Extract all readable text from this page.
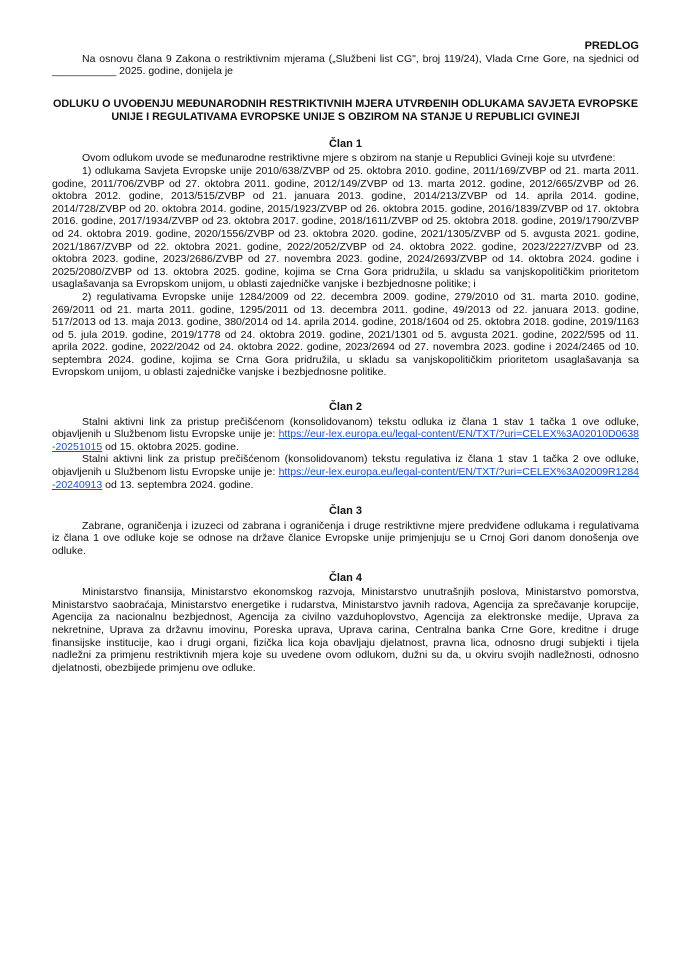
PREDLOG

Na osnovu člana 9 Zakona o restriktivnim mjerama („Službeni list CG", broj 119/24), Vlada Crne Gore, na sjednici od ___________ 2025. godine, donijela je

ODLUKU O UVOĐENJU MEĐUNARODNIH RESTRIKTIVNIH MJERA UTVRĐENIH ODLUKAMA SAVJETA EVROPSKE UNIJE I REGULATIVAMA EVROPSKE UNIJE S OBZIROM NA STANJE U REPUBLICI GVINEJI

Član 1

Ovom odlukom uvode se međunarodne restriktivne mjere s obzirom na stanje u Republici Gvineji koje su utvrđene:

1) odlukama Savjeta Evropske unije 2010/638/ZVBP od 25. oktobra 2010. godine, 2011/169/ZVBP od 21. marta 2011. godine, 2011/706/ZVBP od 27. oktobra 2011. godine, 2012/149/ZVBP od 13. marta 2012. godine, 2012/665/ZVBP od 26. oktobra 2012. godine, 2013/515/ZVBP od 21. januara 2013. godine, 2014/213/ZVBP od 14. aprila 2014. godine, 2014/728/ZVBP od 20. oktobra 2014. godine, 2015/1923/ZVBP od 26. oktobra 2015. godine, 2016/1839/ZVBP od 17. oktobra 2016. godine, 2017/1934/ZVBP od 23. oktobra 2017. godine, 2018/1611/ZVBP od 25. oktobra 2018. godine, 2019/1790/ZVBP od 24. oktobra 2019. godine, 2020/1556/ZVBP od 23. oktobra 2020. godine, 2021/1305/ZVBP od 5. avgusta 2021. godine, 2021/1867/ZVBP od 22. oktobra 2021. godine, 2022/2052/ZVBP od 24. oktobra 2022. godine, 2023/2227/ZVBP od 23. oktobra 2023. godine, 2023/2686/ZVBP od 27. novembra 2023. godine, 2024/2693/ZVBP od 14. oktobra 2024. godine i 2025/2080/ZVBP od 13. oktobra 2025. godine, kojima se Crna Gora pridružila, u skladu sa vanjskopolitičkim prioritetom usaglašavanja sa Evropskom unijom, u oblasti zajedničke vanjske i bezbjednosne politike; i

2) regulativama Evropske unije 1284/2009 od 22. decembra 2009. godine, 279/2010 od 31. marta 2010. godine, 269/2011 od 21. marta 2011. godine, 1295/2011 od 13. decembra 2011. godine, 49/2013 od 22. januara 2013. godine, 517/2013 od 13. maja 2013. godine, 380/2014 od 14. aprila 2014. godine, 2018/1604 od 25. oktobra 2018. godine, 2019/1163 od 5. jula 2019. godine, 2019/1778 od 24. oktobra 2019. godine, 2021/1301 od 5. avgusta 2021. godine, 2022/595 od 11. aprila 2022. godine, 2022/2042 od 24. oktobra 2022. godine, 2023/2694 od 27. novembra 2023. godine i 2024/2465 od 10. septembra 2024. godine, kojima se Crna Gora pridružila, u skladu sa vanjskopolitičkim prioritetom usaglašavanja sa Evropskom unijom, u oblasti zajedničke vanjske i bezbjednosne politike.

Član 2

Stalni aktivni link za pristup prečišćenom (konsolidovanom) tekstu odluka iz člana 1 stav 1 tačka 1 ove odluke, objavljenih u Službenom listu Evropske unije je: https://eur-lex.europa.eu/legal-content/EN/TXT/?uri=CELEX%3A02010D0638-20251015 od 15. oktobra 2025. godine.

Stalni aktivni link za pristup prečišćenom (konsolidovanom) tekstu regulativa iz člana 1 stav 1 tačka 2 ove odluke, objavljenih u Službenom listu Evropske unije je: https://eur-lex.europa.eu/legal-content/EN/TXT/?uri=CELEX%3A02009R1284-20240913 od 13. septembra 2024. godine.

Član 3

Zabrane, ograničenja i izuzeci od zabrana i ograničenja i druge restriktivne mjere predviđene odlukama i regulativama iz člana 1 ove odluke koje se odnose na države članice Evropske unije primjenjuju se u Crnoj Gori danom donošenja ove odluke.

Član 4

Ministarstvo finansija, Ministarstvo ekonomskog razvoja, Ministarstvo unutrašnjih poslova, Ministarstvo pomorstva, Ministarstvo saobraćaja, Ministarstvo energetike i rudarstva, Ministarstvo javnih radova, Agencija za sprečavanje korupcije, Agencija za nacionalnu bezbjednost, Agencija za civilno vazduhoplovstvo, Agencija za elektronske medije, Uprava za nekretnine, Uprava za državnu imovinu, Poreska uprava, Uprava carina, Centralna banka Crne Gore, kreditne i druge finansijske institucije, kao i drugi organi, fizička lica koja obavljaju djelatnost, pravna lica, odnosno drugi subjekti i tijela nadležni za primjenu restriktivnih mjera koje su uvedene ovom odlukom, dužni su da, u okviru svojih nadležnosti, odnosno djelatnosti, obezbijede primjenu ove odluke.
